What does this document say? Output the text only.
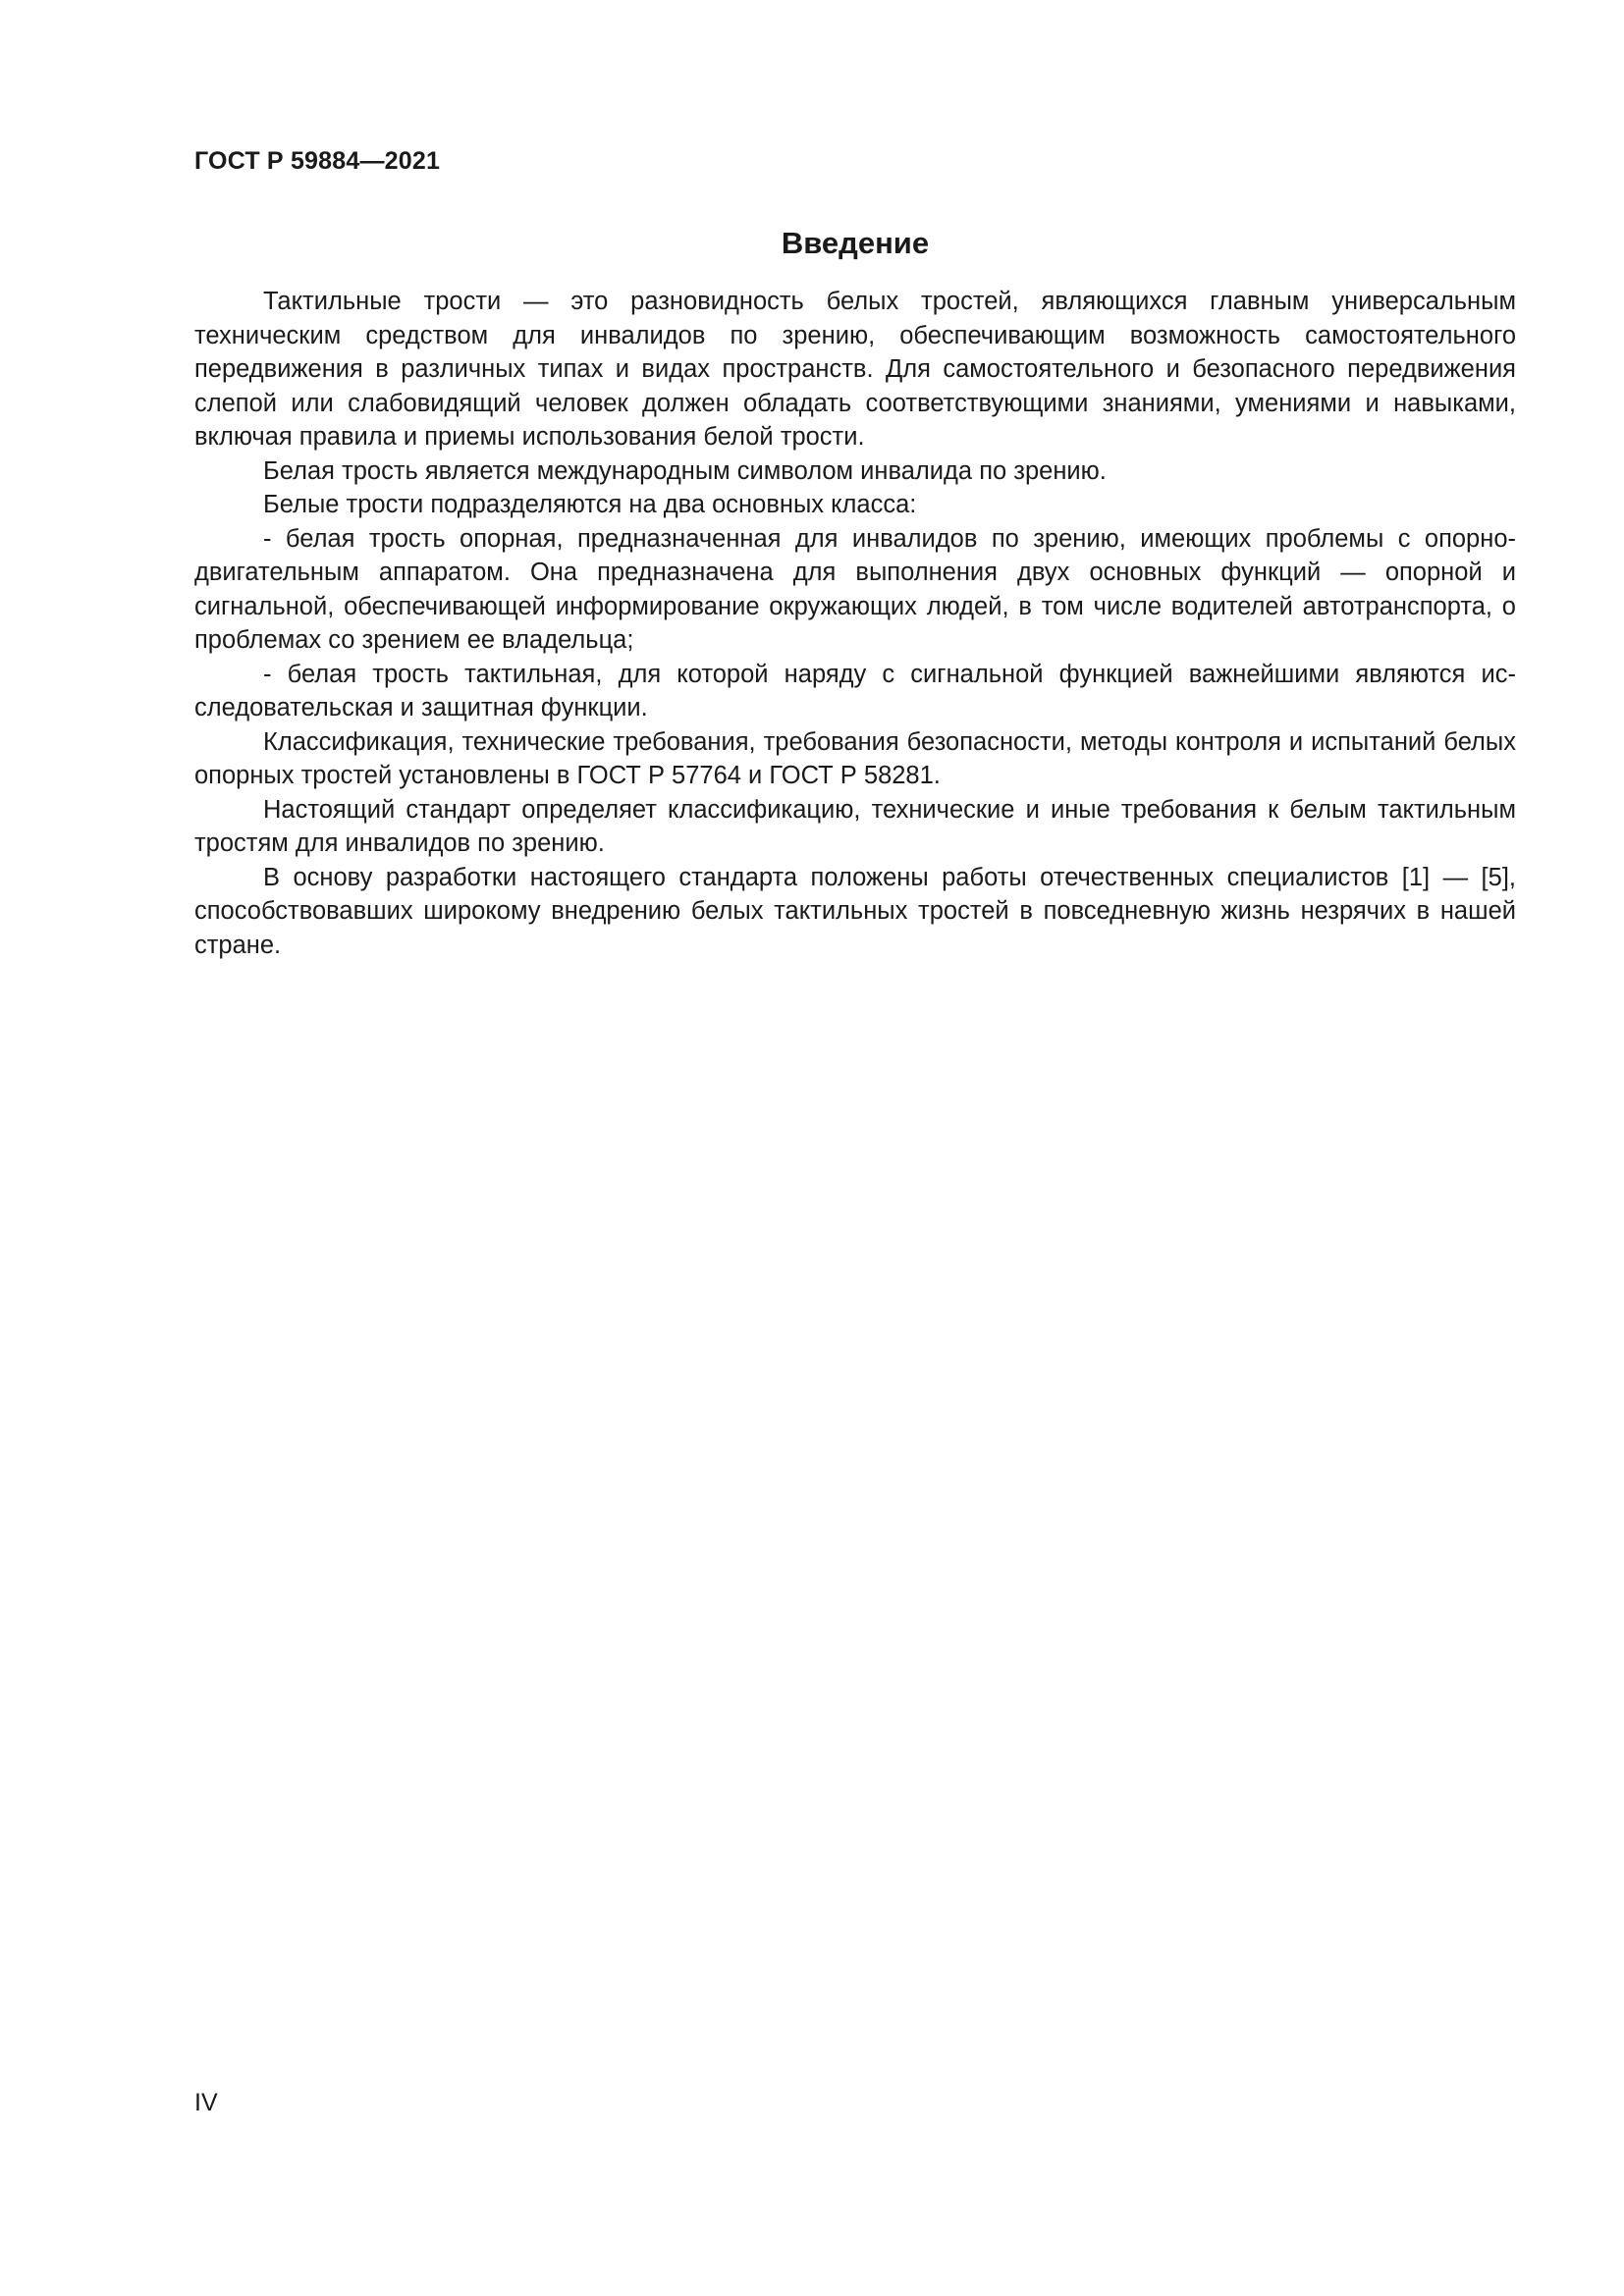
ГОСТ Р 59884—2021
Введение

Тактильные трости — это разновидность белых тростей, являющихся главным универсальным техническим средством для инвалидов по зрению, обеспечивающим возможность самостоятельного передвижения в различных типах и видах пространств. Для самостоятельного и безопасного передвижения слепой или слабовидящий человек должен обладать соответствующими знаниями, умениями и навыками, включая правила и приемы использования белой трости.

Белая трость является международным символом инвалида по зрению.

Белые трости подразделяются на два основных класса:

- белая трость опорная, предназначенная для инвалидов по зрению, имеющих проблемы с опорно-двигательным аппаратом. Она предназначена для выполнения двух основных функций — опорной и сигнальной, обеспечивающей информирование окружающих людей, в том числе водителей автотранспорта, о проблемах со зрением ее владельца;

- белая трость тактильная, для которой наряду с сигнальной функцией важнейшими являются исследовательская и защитная функции.

Классификация, технические требования, требования безопасности, методы контроля и испытаний белых опорных тростей установлены в ГОСТ Р 57764 и ГОСТ Р 58281.

Настоящий стандарт определяет классификацию, технические и иные требования к белым тактильным тростям для инвалидов по зрению.

В основу разработки настоящего стандарта положены работы отечественных специалистов [1] — [5], способствовавших широкому внедрению белых тактильных тростей в повседневную жизнь незрячих в нашей стране.

IV
